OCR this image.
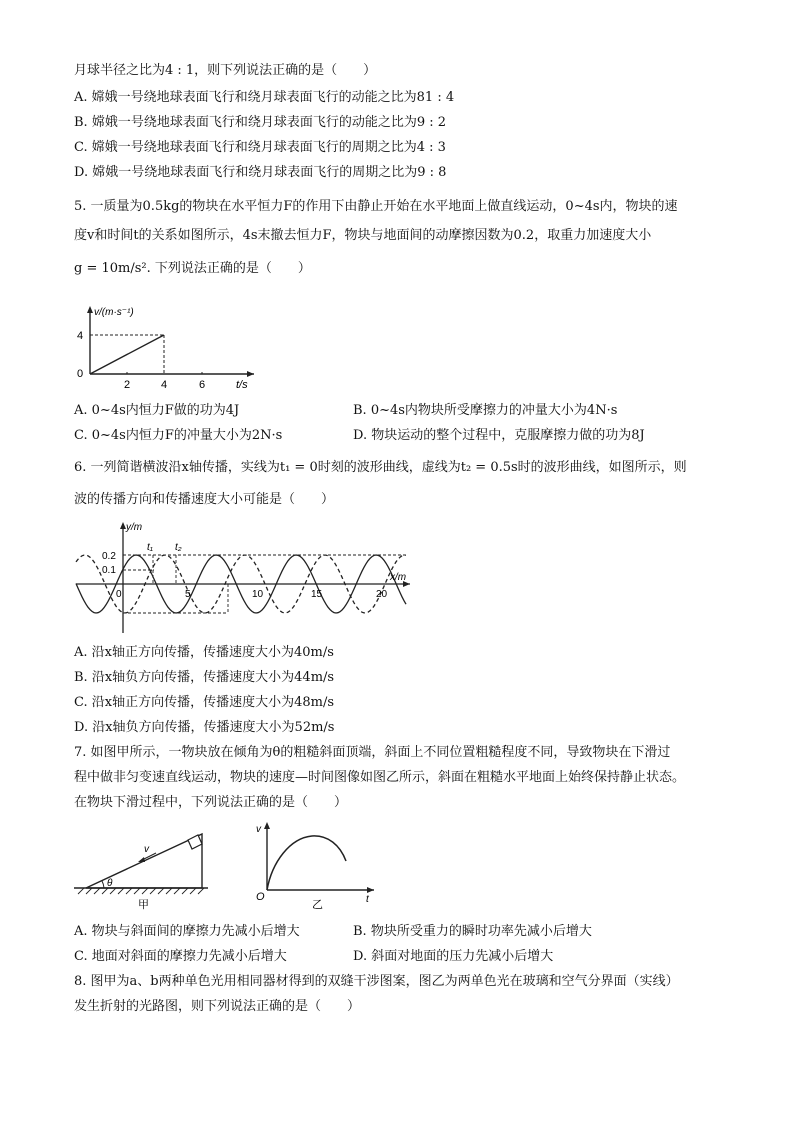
月球半径之比为4 : 1，则下列说法正确的是（　　）
A. 嫦娥一号绕地球表面飞行和绕月球表面飞行的动能之比为81 : 4
B. 嫦娥一号绕地球表面飞行和绕月球表面飞行的动能之比为9 : 2
C. 嫦娥一号绕地球表面飞行和绕月球表面飞行的周期之比为4 : 3
D. 嫦娥一号绕地球表面飞行和绕月球表面飞行的周期之比为9 : 8
5. 一质量为0.5kg的物块在水平恒力F的作用下由静止开始在水平地面上做直线运动，0~4s内，物块的速
度v和时间t的关系如图所示，4s末撤去恒力F，物块与地面间的动摩擦因数为0.2，取重力加速度大小
g = 10m/s². 下列说法正确的是（　　）
v/(m·s⁻¹)
4
0
2	4	6	t/s
A. 0~4s内恒力F做的功为4J	B. 0~4s内物块所受摩擦力的冲量大小为4N·s
C. 0~4s内恒力F的冲量大小为2N·s	D. 物块运动的整个过程中，克服摩擦力做的功为8J
6. 一列简谐横波沿x轴传播，实线为t₁ = 0时刻的波形曲线，虚线为t₂ = 0.5s时的波形曲线，如图所示，则
波的传播方向和传播速度大小可能是（　　）
y/m
0.2
0.1
t₁ t₂
0	5	10	15	20
x/m
A. 沿x轴正方向传播，传播速度大小为40m/s
B. 沿x轴负方向传播，传播速度大小为44m/s
C. 沿x轴正方向传播，传播速度大小为48m/s
D. 沿x轴负方向传播，传播速度大小为52m/s
7. 如图甲所示，一物块放在倾角为θ的粗糙斜面顶端，斜面上不同位置粗糙程度不同，导致物块在下滑过
程中做非匀变速直线运动，物块的速度—时间图像如图乙所示，斜面在粗糙水平地面上始终保持静止状态。
在物块下滑过程中，下列说法正确的是（　　）
v
θ
甲
v
O	t
乙
A. 物块与斜面间的摩擦力先减小后增大	B. 物块所受重力的瞬时功率先减小后增大
C. 地面对斜面的摩擦力先减小后增大	D. 斜面对地面的压力先减小后增大
8. 图甲为a、b两种单色光用相同器材得到的双缝干涉图案，图乙为两单色光在玻璃和空气分界面（实线）
发生折射的光路图，则下列说法正确的是（　　）
